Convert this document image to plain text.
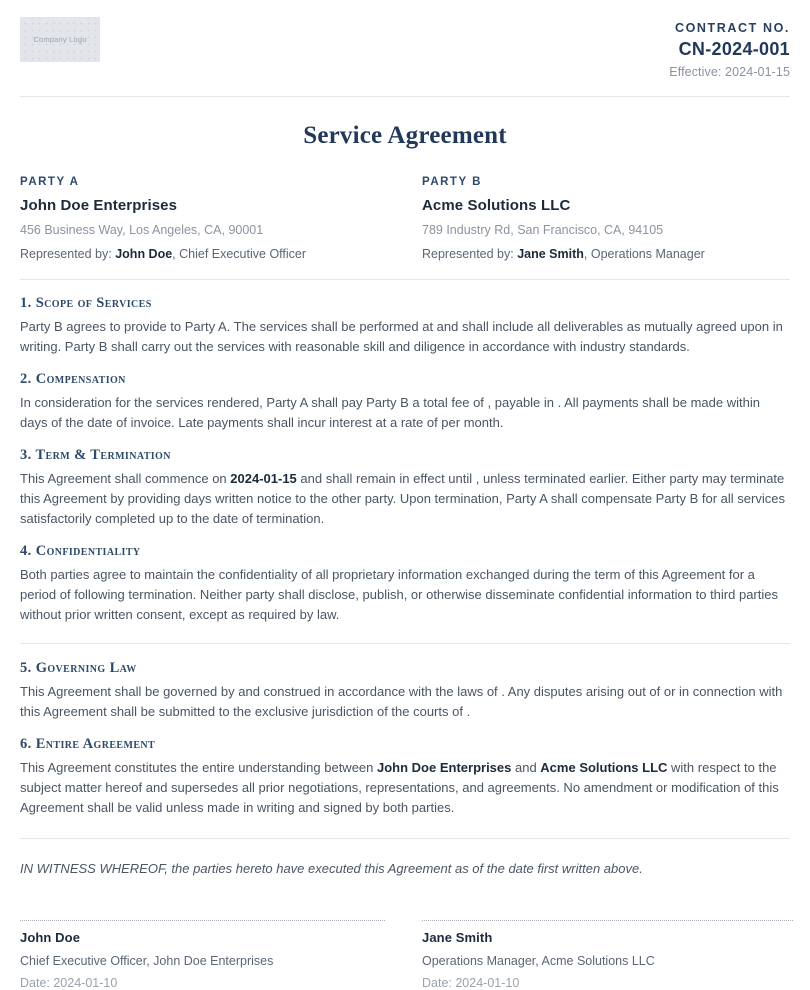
Company Logo
CONTRACT NO.
CN-2024-001
Effective: 2024-01-15
Service Agreement
PARTY A
John Doe Enterprises
456 Business Way, Los Angeles, CA, 90001
Represented by: John Doe, Chief Executive Officer
PARTY B
Acme Solutions LLC
789 Industry Rd, San Francisco, CA, 94105
Represented by: Jane Smith, Operations Manager
1. Scope of Services

Party B agrees to provide to Party A. The services shall be performed at and shall include all deliverables as mutually agreed upon in writing. Party B shall carry out the services with reasonable skill and diligence in accordance with industry standards.

2. Compensation

In consideration for the services rendered, Party A shall pay Party B a total fee of , payable in . All payments shall be made within days of the date of invoice. Late payments shall incur interest at a rate of per month.

3. Term & Termination

This Agreement shall commence on 2024-01-15 and shall remain in effect until , unless terminated earlier. Either party may terminate this Agreement by providing days written notice to the other party. Upon termination, Party A shall compensate Party B for all services satisfactorily completed up to the date of termination.

4. Confidentiality

Both parties agree to maintain the confidentiality of all proprietary information exchanged during the term of this Agreement for a period of following termination. Neither party shall disclose, publish, or otherwise disseminate confidential information to third parties without prior written consent, except as required by law.

5. Governing Law

This Agreement shall be governed by and construed in accordance with the laws of . Any disputes arising out of or in connection with this Agreement shall be submitted to the exclusive jurisdiction of the courts of .

6. Entire Agreement

This Agreement constitutes the entire understanding between John Doe Enterprises and Acme Solutions LLC with respect to the subject matter hereof and supersedes all prior negotiations, representations, and agreements. No amendment or modification of this Agreement shall be valid unless made in writing and signed by both parties.

IN WITNESS WHEREOF, the parties hereto have executed this Agreement as of the date first written above.
John Doe
Chief Executive Officer, John Doe Enterprises
Date: 2024-01-10
Jane Smith
Operations Manager, Acme Solutions LLC
Date: 2024-01-10
